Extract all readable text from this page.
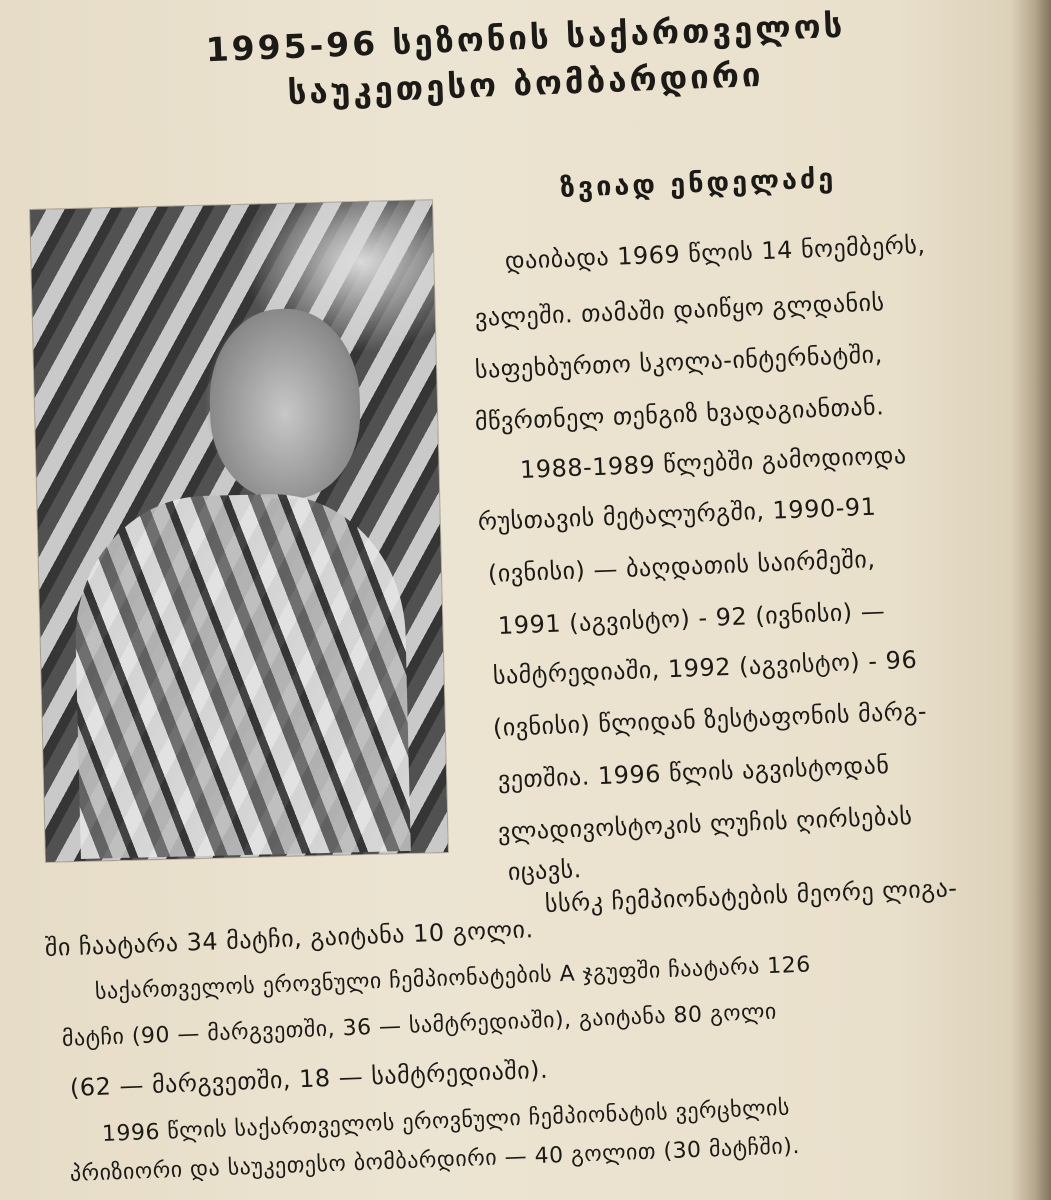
1995-96 სეზონის საქართველოს
საუკეთესო ბომბარდირი
ზვიად ენდელაძე

დაიბადა 1969 წლის 14 ნოემბერს,

ვალეში. თამაში დაიწყო გლდანის

საფეხბურთო სკოლა-ინტერნატში,

მწვრთნელ თენგიზ ხვადაგიანთან.

1988-1989 წლებში გამოდიოდა

რუსთავის მეტალურგში, 1990-91

(ივნისი) — ბაღდათის საირმეში,

1991 (აგვისტო) - 92 (ივნისი) —

სამტრედიაში, 1992 (აგვისტო) - 96

(ივნისი) წლიდან ზესტაფონის მარგ-

ვეთშია. 1996 წლის აგვისტოდან

ვლადივოსტოკის ლუჩის ღირსებას

იცავს.

სსრკ ჩემპიონატების მეორე ლიგა-

ში ჩაატარა 34 მატჩი, გაიტანა 10 გოლი.

საქართველოს ეროვნული ჩემპიონატების A ჯგუფში ჩაატარა 126

მატჩი (90 — მარგვეთში, 36 — სამტრედიაში), გაიტანა 80 გოლი

(62 — მარგვეთში, 18 — სამტრედიაში).

1996 წლის საქართველოს ეროვნული ჩემპიონატის ვერცხლის

პრიზიორი და საუკეთესო ბომბარდირი — 40 გოლით (30 მატჩში).
